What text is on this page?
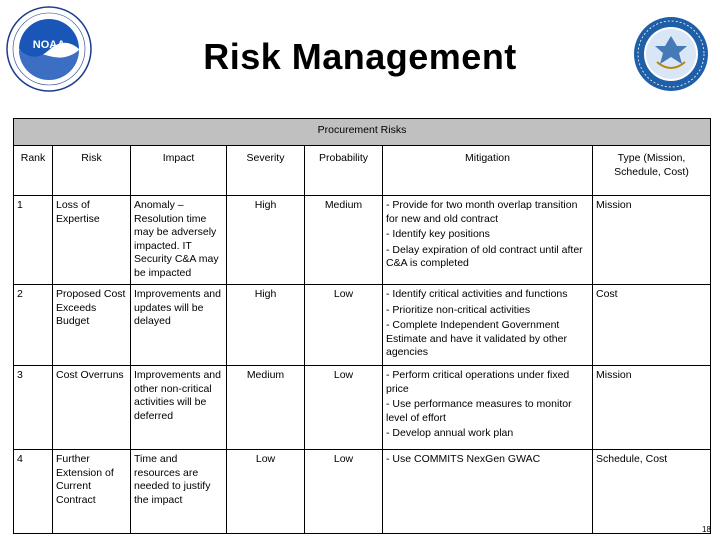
NOAA	Risk Management
Procurement Risks						
Rank	Risk	Impact	Severity	Probability	Mitigation	Type (Mission, Schedule, Cost)
1	Loss of Expertise	Anomaly – Resolution time may be adversely impacted. IT Security C&A may be impacted	High	Medium	- Provide for two month overlap transition for new and old contract
- Identify key positions
- Delay expiration of old contract until after C&A is completed	Mission
2	Proposed Cost Exceeds Budget	Improvements and updates will be delayed	High	Low	- Identify critical activities and functions
- Prioritize non-critical activities
- Complete Independent Government Estimate and have it validated by other agencies	Cost
3	Cost Overruns	Improvements and other non-critical activities will be deferred	Medium	Low	- Perform critical operations under fixed price
- Use performance measures to monitor level of effort
- Develop annual work plan	Mission
4	Further Extension of Current Contract	Time and resources are needed to justify the impact	Low	Low	- Use COMMITS NexGen GWAC	Schedule, Cost
18
